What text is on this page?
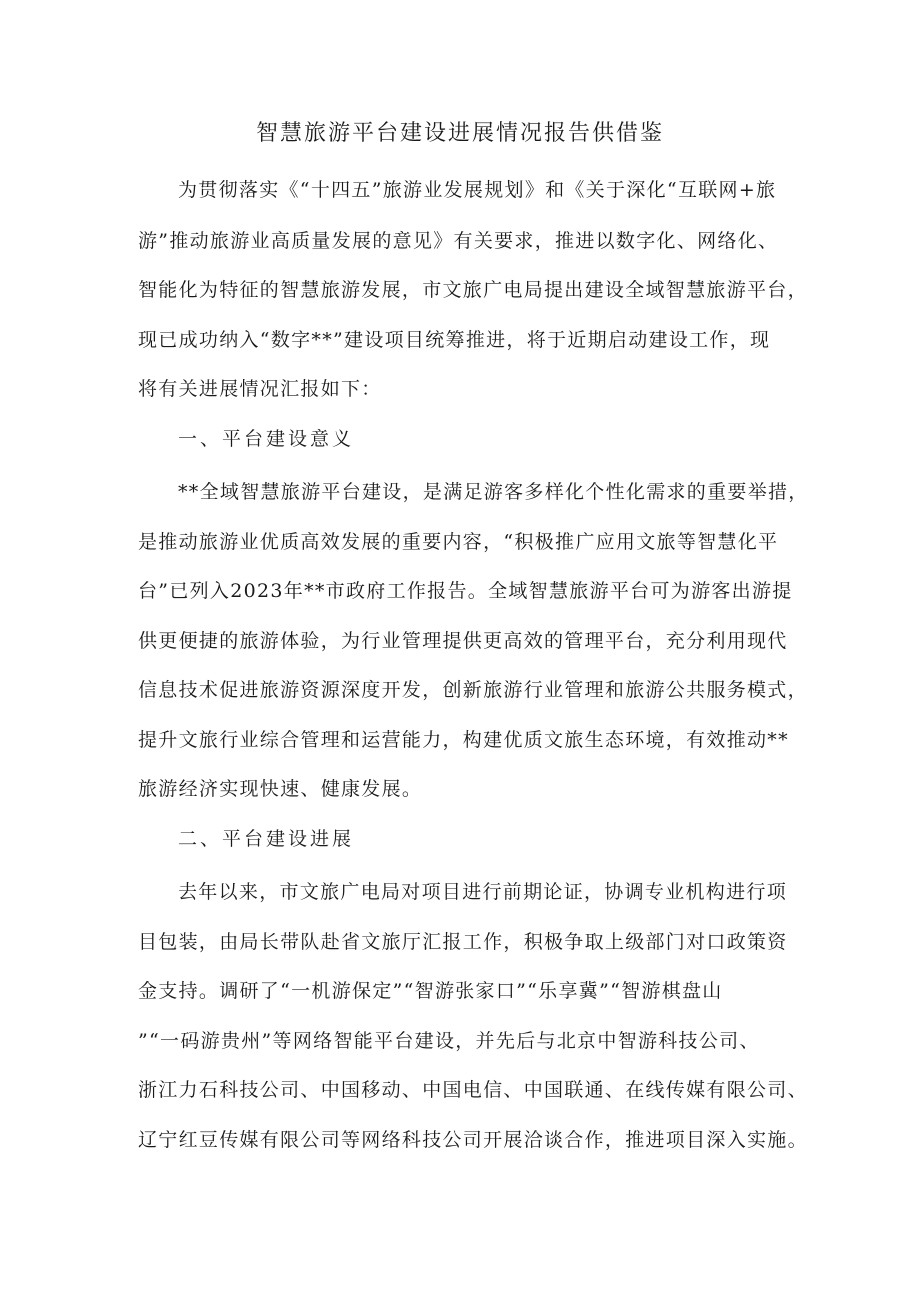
智慧旅游平台建设进展情况报告供借鉴
为贯彻落实《“十四五”旅游业发展规划》和《关于深化“互联网+旅
游”推动旅游业高质量发展的意见》有关要求，推进以数字化、网络化、
智能化为特征的智慧旅游发展，市文旅广电局提出建设全域智慧旅游平台，
现已成功纳入“数字**”建设项目统筹推进，将于近期启动建设工作，现
将有关进展情况汇报如下：
一、平台建设意义
**全域智慧旅游平台建设，是满足游客多样化个性化需求的重要举措，
是推动旅游业优质高效发展的重要内容，“积极推广应用文旅等智慧化平
台”已列入2023年**市政府工作报告。全域智慧旅游平台可为游客出游提
供更便捷的旅游体验，为行业管理提供更高效的管理平台，充分利用现代
信息技术促进旅游资源深度开发，创新旅游行业管理和旅游公共服务模式，
提升文旅行业综合管理和运营能力，构建优质文旅生态环境，有效推动**
旅游经济实现快速、健康发展。
二、平台建设进展
去年以来，市文旅广电局对项目进行前期论证，协调专业机构进行项
目包装，由局长带队赴省文旅厅汇报工作，积极争取上级部门对口政策资
金支持。调研了“一机游保定”“智游张家口”“乐享冀”“智游棋盘山
”“一码游贵州”等网络智能平台建设，并先后与北京中智游科技公司、
浙江力石科技公司、中国移动、中国电信、中国联通、在线传媒有限公司、
辽宁红豆传媒有限公司等网络科技公司开展洽谈合作，推进项目深入实施。
